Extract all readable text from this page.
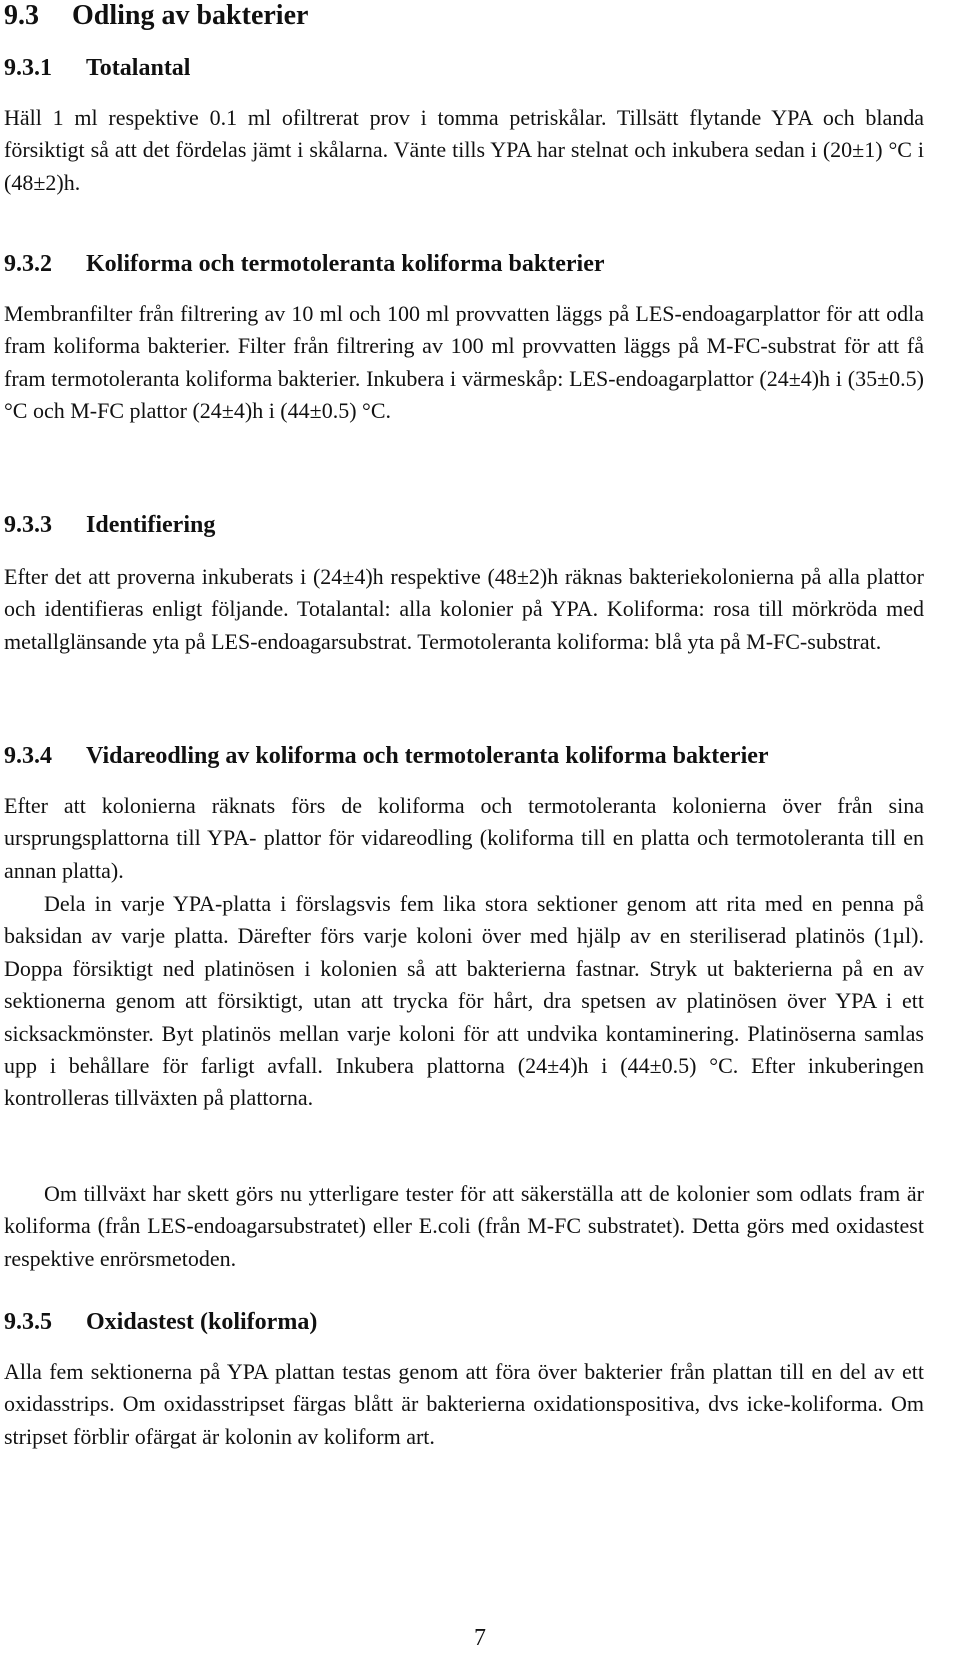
9.3 Odling av bakterier
9.3.1 Totalantal

Häll 1 ml respektive 0.1 ml ofiltrerat prov i tomma petriskålar. Tillsätt flytande YPA och blanda försiktigt så att det fördelas jämt i skålarna. Vänte tills YPA har stelnat och inkubera sedan i (20±1) °C i (48±2)h.

9.3.2 Koliforma och termotoleranta koliforma bakterier

Membranfilter från filtrering av 10 ml och 100 ml provvatten läggs på LES-endoagarplattor för att odla fram koliforma bakterier. Filter från filtrering av 100 ml provvatten läggs på M-FC-substrat för att få fram termotoleranta koliforma bakterier. Inkubera i värmeskåp: LES-endoagarplattor (24±4)h i (35±0.5) °C och M-FC plattor (24±4)h i (44±0.5) °C.

9.3.3 Identifiering

Efter det att proverna inkuberats i (24±4)h respektive (48±2)h räknas bakteriekolonierna på alla plattor och identifieras enligt följande. Totalantal: alla kolonier på YPA. Koliforma: rosa till mörkröda med metallglänsande yta på LES-endoagarsubstrat. Termotoleranta koliforma: blå yta på M-FC-substrat.

9.3.4 Vidareodling av koliforma och termotoleranta koliforma bakterier

Efter att kolonierna räknats förs de koliforma och termotoleranta kolonierna över från sina ursprungsplattorna till YPA- plattor för vidareodling (koliforma till en platta och termotoleranta till en annan platta).

Dela in varje YPA-platta i förslagsvis fem lika stora sektioner genom att rita med en penna på baksidan av varje platta. Därefter förs varje koloni över med hjälp av en steriliserad platinös (1µl). Doppa försiktigt ned platinösen i kolonien så att bakterierna fastnar. Stryk ut bakterierna på en av sektionerna genom att försiktigt, utan att trycka för hårt, dra spetsen av platinösen över YPA i ett sicksackmönster. Byt platinös mellan varje koloni för att undvika kontaminering. Platinöserna samlas upp i behållare för farligt avfall. Inkubera plattorna (24±4)h i (44±0.5) °C. Efter inkuberingen kontrolleras tillväxten på plattorna.

Om tillväxt har skett görs nu ytterligare tester för att säkerställa att de kolonier som odlats fram är koliforma (från LES-endoagarsubstratet) eller E.coli (från M-FC substratet). Detta görs med oxidastest respektive enrörsmetoden.

9.3.5 Oxidastest (koliforma)

Alla fem sektionerna på YPA plattan testas genom att föra över bakterier från plattan till en del av ett oxidasstrips. Om oxidasstripset färgas blått är bakterierna oxidationspositiva, dvs icke-koliforma. Om stripset förblir ofärgat är kolonin av koliform art.

7
